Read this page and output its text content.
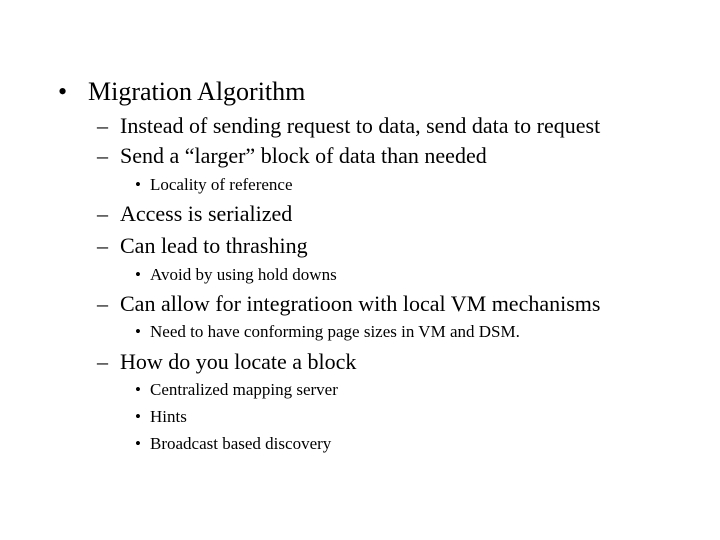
• Migration Algorithm
– Instead of sending request to data, send data to request
– Send a “larger” block of data than needed
• Locality of reference
– Access is serialized
– Can lead to thrashing
• Avoid by using hold downs
– Can allow for integratioon with local VM mechanisms
• Need to have conforming page sizes in VM and DSM.
– How do you locate a block
• Centralized mapping server
• Hints
• Broadcast based discovery
